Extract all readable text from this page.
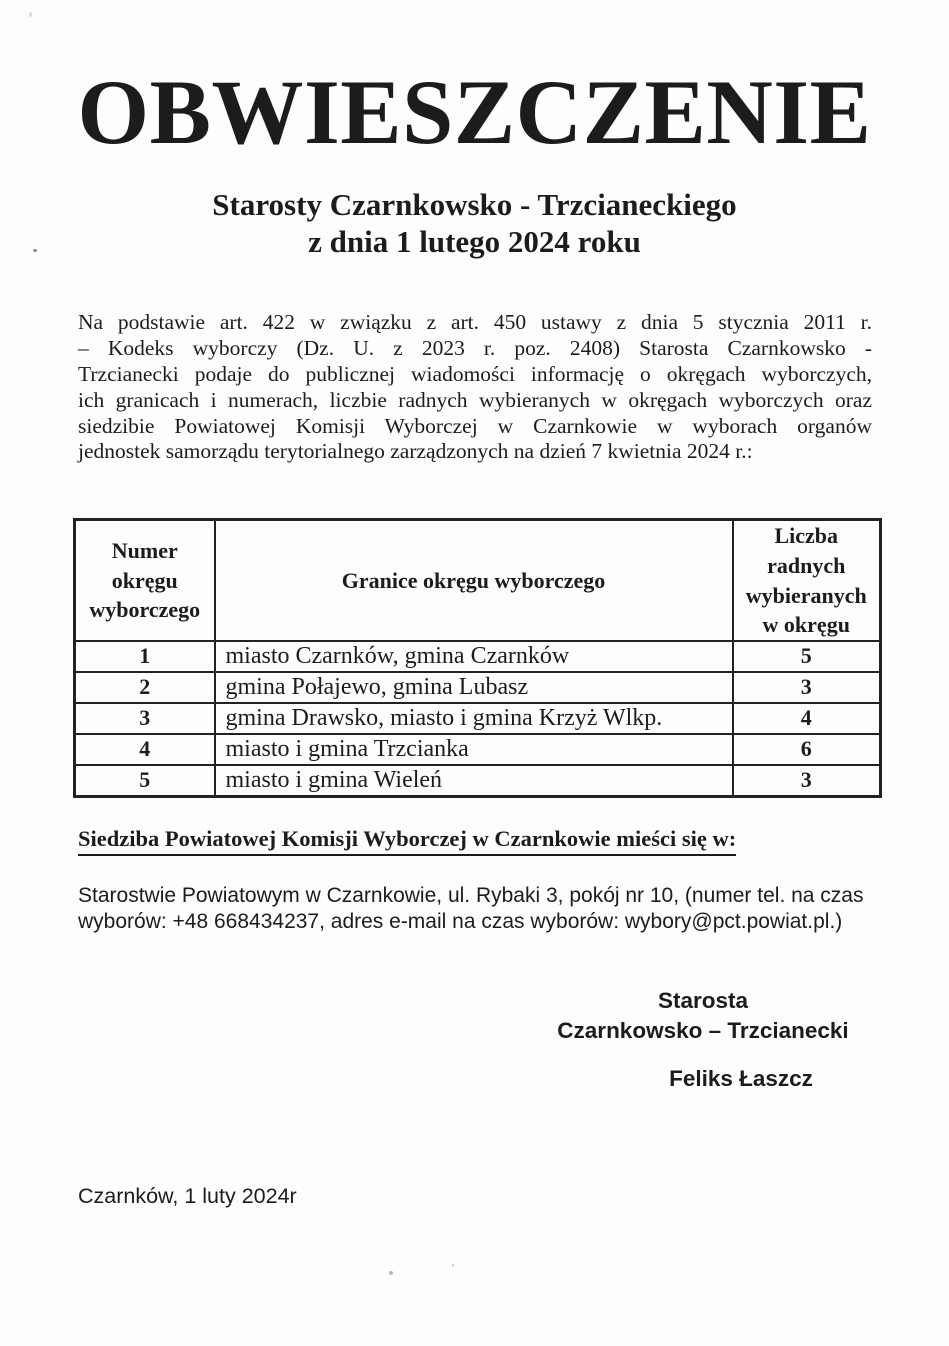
OBWIESZCZENIE
Starosty Czarnkowsko - Trzcianeckiego
z dnia 1 lutego 2024 roku
Na podstawie art. 422 w związku z art. 450 ustawy z dnia 5 stycznia 2011 r.
– Kodeks wyborczy (Dz. U. z 2023 r. poz. 2408) Starosta Czarnkowsko -
Trzcianecki podaje do publicznej wiadomości informację o okręgach wyborczych,
ich granicach i numerach, liczbie radnych wybieranych w okręgach wyborczych oraz
siedzibie Powiatowej Komisji Wyborczej w Czarnkowie w wyborach organów
jednostek samorządu terytorialnego zarządzonych na dzień 7 kwietnia 2024 r.:
Numer okręgu wyborczego	Granice okręgu wyborczego	Liczba radnych wybieranych w okręgu
1	miasto Czarnków, gmina Czarnków	5
2	gmina Połajewo, gmina Lubasz	3
3	gmina Drawsko, miasto i gmina Krzyż Wlkp.	4
4	miasto i gmina Trzcianka	6
5	miasto i gmina Wieleń	3
Siedziba Powiatowej Komisji Wyborczej w Czarnkowie mieści się w:
Starostwie Powiatowym w Czarnkowie, ul. Rybaki 3, pokój nr 10, (numer tel. na czas
wyborów: +48 668434237, adres e-mail na czas wyborów: wybory@pct.powiat.pl.)
Starosta
Czarnkowsko – Trzcianecki
Feliks Łaszcz
Czarnków, 1 luty 2024r
